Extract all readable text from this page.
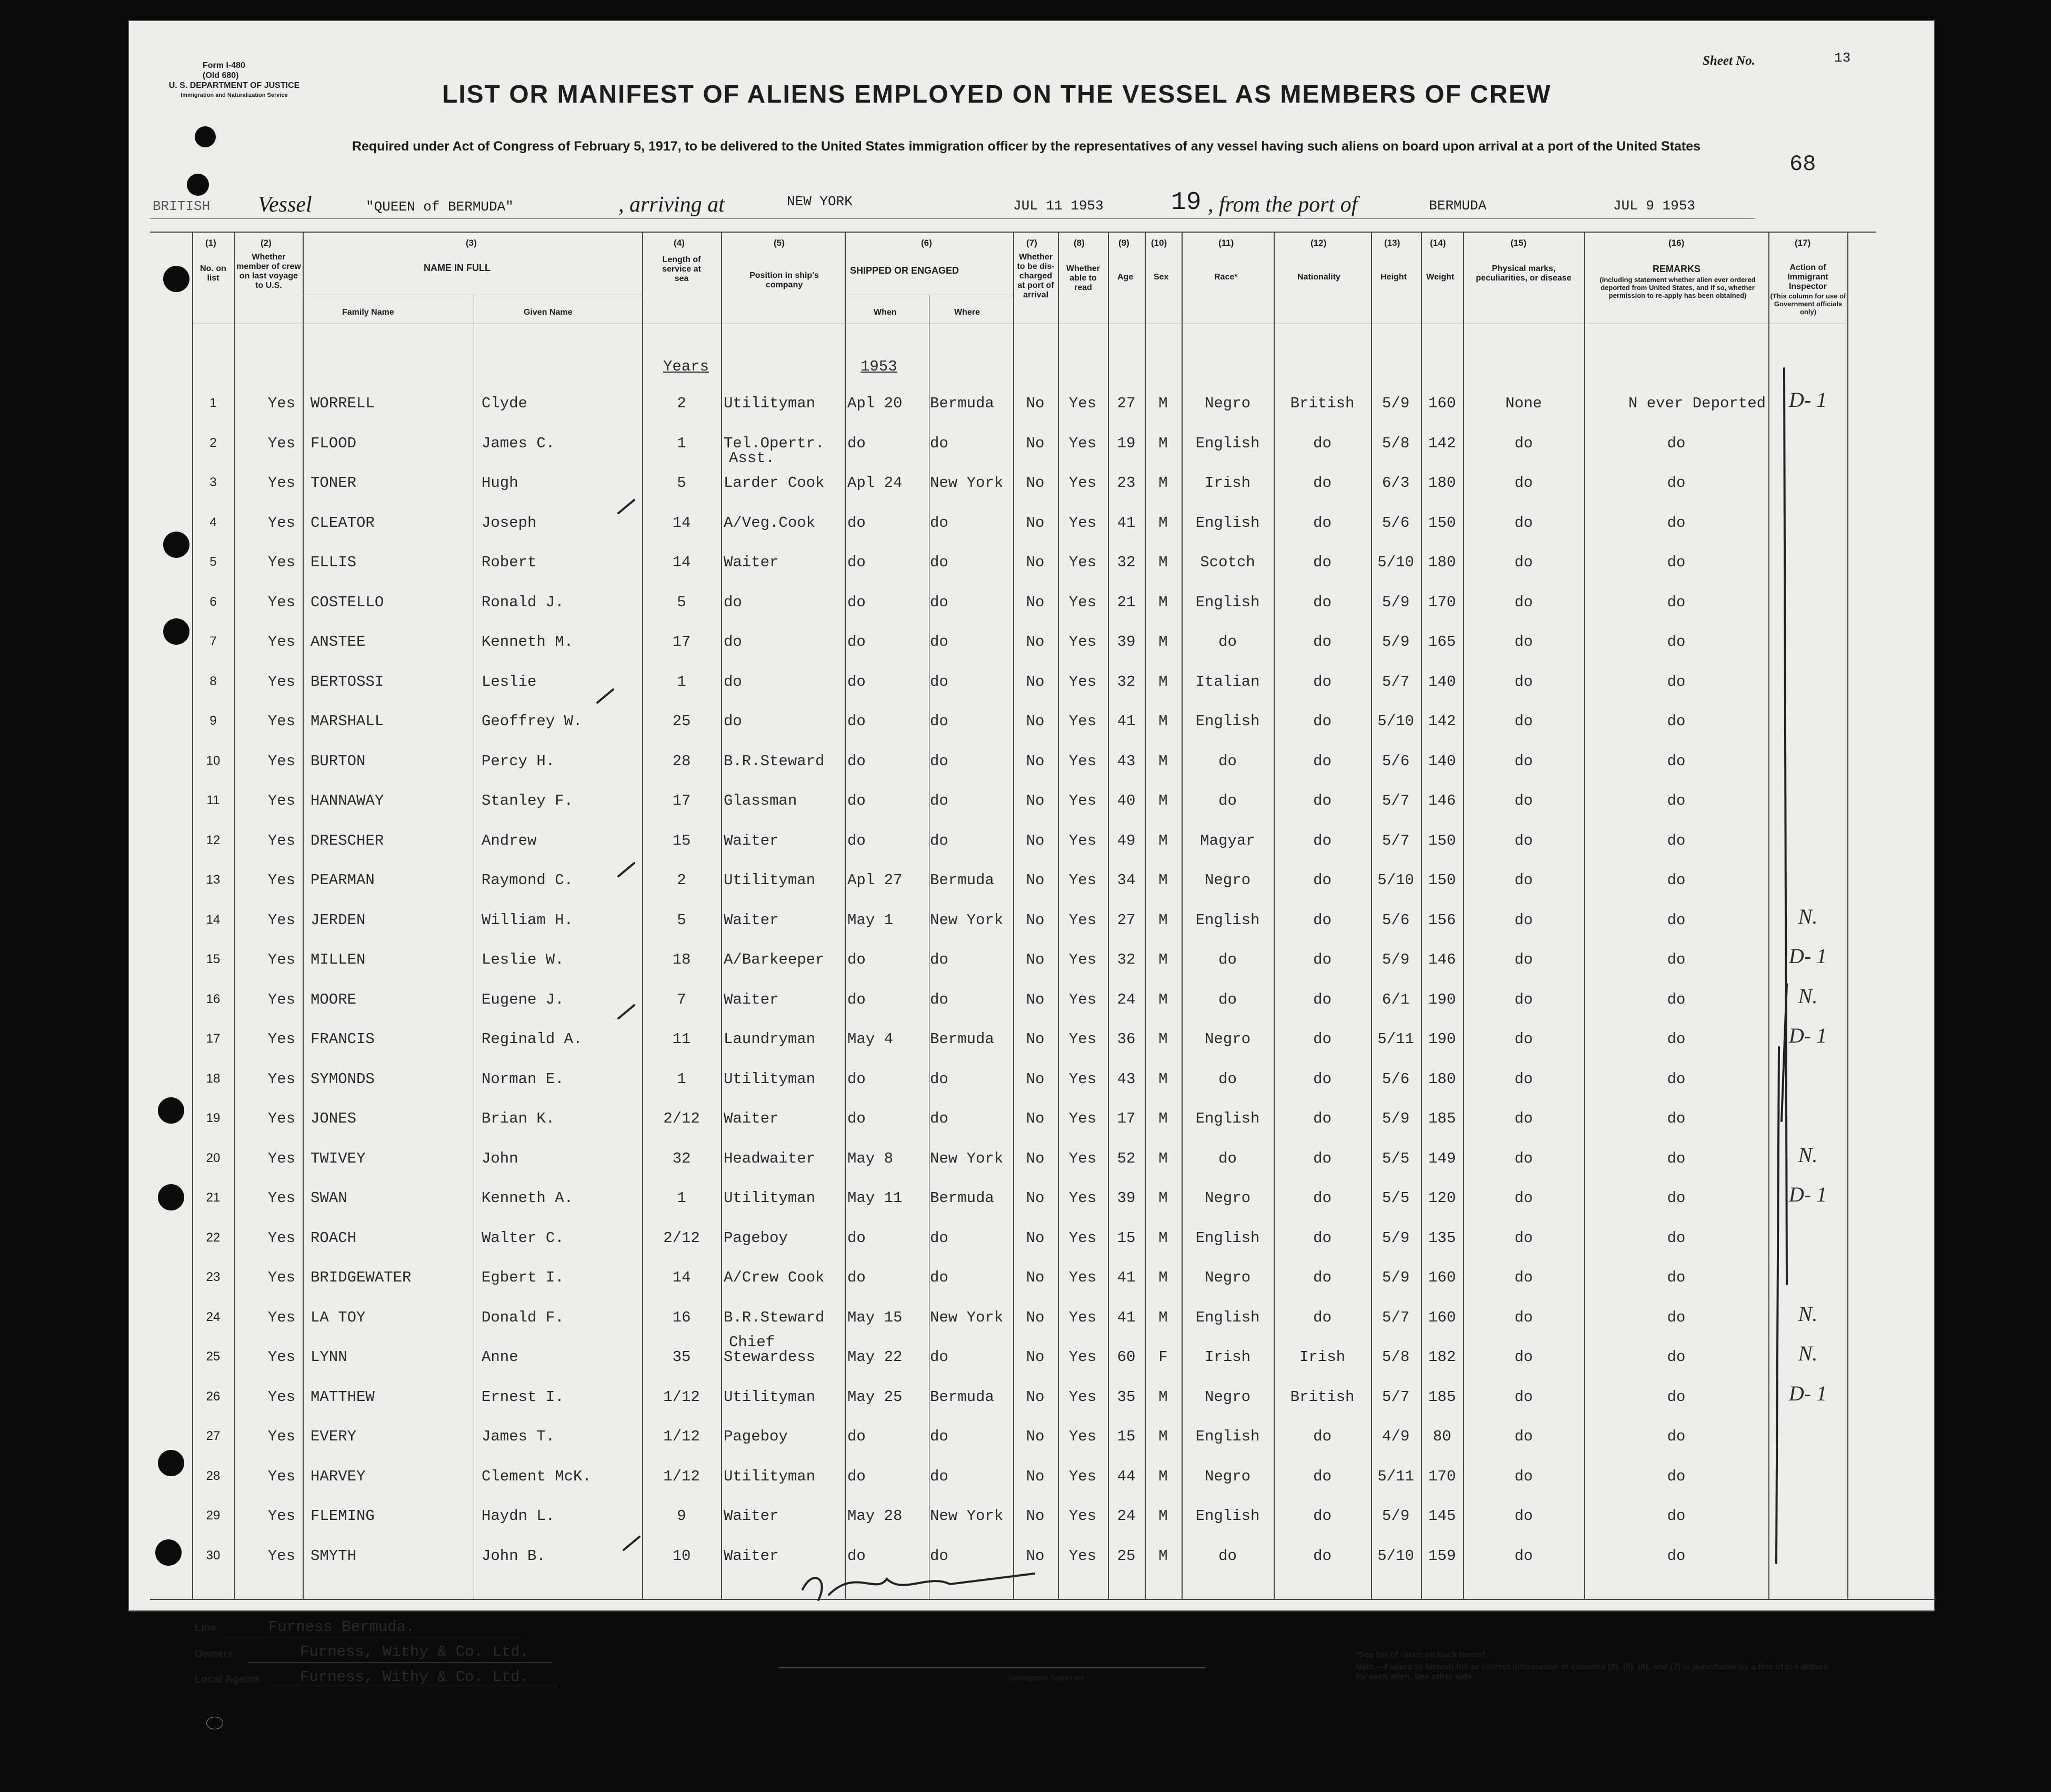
Form I-480
(Old 680)
U. S. DEPARTMENT OF JUSTICE
Immigration and Naturalization Service
Sheet No.	13
LIST OR MANIFEST OF ALIENS EMPLOYED ON THE VESSEL AS MEMBERS OF CREW
Required under Act of Congress of February 5, 1917, to be delivered to the United States immigration officer by the representatives of any vessel having such aliens on board upon arrival at a port of the United States
68
BRITISH Vessel	"QUEEN of BERMUDA"	, arriving at	NEW YORK	JUL 11 1953	19 , from the port of	BERMUDA	JUL 9 1953
(1)
No. on list
(2)
Whether member of crew on last voyage to U.S.
(3)
NAME IN FULL
Family Name	Given Name
(4)
Length of service at sea
(5)
Position in ship's company
(6)
SHIPPED OR ENGAGED
When	Where
(7)
Whether to be dis-charged at port of arrival
(8)
Whether able to read
(9)
Age
(10)
Sex
(11)
Race*
(12)
Nationality
(13)
Height
(14)
Weight
(15)
Physical marks, peculiarities, or disease
(16)
REMARKS
(Including statement whether alien ever ordered deported from United States, and if so, whether permission to re-apply has been obtained)
(17)
Action of Immigrant Inspector
(This column for use of Government officials only)
Years	1953
1	Yes WORRELL	Clyde	2	Utilityman	Apl 20	Bermuda	No	Yes	27	M	Negro	British	5/9	160	None	N ever Deported	D- 1
2	Yes FLOOD	James C.	1	Tel.Opertr.	do	do	No	Yes	19	M	English	do	5/8	142	do	do
Asst.
3	Yes TONER	Hugh	5	Larder Cook	Apl 24	New York	No	Yes	23	M	Irish	do	6/3	180	do	do
4	Yes CLEATOR	Joseph	14	A/Veg.Cook	do	do	No	Yes	41	M	English	do	5/6	150	do	do
5	Yes ELLIS	Robert	14	Waiter	do	do	No	Yes	32	M	Scotch	do	5/10 180	do	do
6	Yes COSTELLO	Ronald J.	5	do	do	do	No	Yes	21	M	English	do	5/9	170	do	do
7	Yes ANSTEE	Kenneth M.	17	do	do	do	No	Yes	39	M	do	do	5/9	165	do	do
8	Yes BERTOSSI	Leslie	1	do	do	do	No	Yes	32	M	Italian	do	5/7	140	do	do
9	Yes MARSHALL	Geoffrey W.	25	do	do	do	No	Yes	41	M	English	do	5/10 142	do	do
10	Yes BURTON	Percy H.	28	B.R.Steward	do	do	No	Yes	43	M	do	do	5/6	140	do	do
11	Yes HANNAWAY	Stanley F.	17	Glassman	do	do	No	Yes	40	M	do	do	5/7	146	do	do
12	Yes DRESCHER	Andrew	15	Waiter	do	do	No	Yes	49	M	Magyar	do	5/7	150	do	do
13	Yes PEARMAN	Raymond C.	2	Utilityman	Apl 27	Bermuda	No	Yes	34	M	Negro	do	5/10 150	do	do
14	Yes JERDEN	William H.	5	Waiter	May 1	New York	No	Yes	27	M	English	do	5/6	156	do	do	N.
15	Yes MILLEN	Leslie W.	18	A/Barkeeper	do	do	No	Yes	32	M	do	do	5/9	146	do	do	D- 1
16	Yes MOORE	Eugene J.	7	Waiter	do	do	No	Yes	24	M	do	do	6/1	190	do	do	N.
17	Yes FRANCIS	Reginald A.	11	Laundryman	May 4	Bermuda	No	Yes	36	M	Negro	do	5/11 190	do	do	D- 1
18	Yes SYMONDS	Norman E.	1	Utilityman	do	do	No	Yes	43	M	do	do	5/6	180	do	do
19	Yes JONES	Brian K.	2/12	Waiter	do	do	No	Yes	17	M	English	do	5/9	185	do	do
20	Yes TWIVEY	John	32	Headwaiter	May 8	New York	No	Yes	52	M	do	do	5/5	149	do	do	N.
21	Yes SWAN	Kenneth A.	1	Utilityman	May 11	Bermuda	No	Yes	39	M	Negro	do	5/5	120	do	do	D- 1
22	Yes ROACH	Walter C.	2/12	Pageboy	do	do	No	Yes	15	M	English	do	5/9	135	do	do
23	Yes BRIDGEWATER	Egbert I.	14	A/Crew Cook	do	do	No	Yes	41	M	Negro	do	5/9	160	do	do
24	Yes LA TOY	Donald F.	16	B.R.Steward	May 15	New York	No	Yes	41	M	English	do	5/7	160	do	do	N.
25	Yes LYNN	Anne	35	Stewardess	May 22	do	No	Yes	60	F	Irish	Irish	5/8	182	do	do	N.
Chief
26	Yes MATTHEW	Ernest I.	1/12	Utilityman	May 25	Bermuda	No	Yes	35	M	Negro	British	5/7	185	do	do	D- 1
27	Yes EVERY	James T.	1/12	Pageboy	do	do	No	Yes	15	M	English	do	4/9	80	do	do
28	Yes HARVEY	Clement McK.	1/12	Utilityman	do	do	No	Yes	44	M	Negro	do	5/11 170	do	do
29	Yes FLEMING	Haydn L.	9	Waiter	May 28	New York	No	Yes	24	M	English	do	5/9	145	do	do
30	Yes SMYTH	John B.	10	Waiter	do	do	No	Yes	25	M	do	do	5/10 159	do	do
Line	Furness Bermuda.
Owners	Furness, Withy & Co. Ltd.
Local Agents	Furness, Withy & Co. Ltd.	Immigrant Inspector
*See list of races on back hereof.
Note.—Failure to furnish full or correct information in columns (3), (5), (6), and (7) is punishable by a fine of ten dollars for each alien. See other side.
